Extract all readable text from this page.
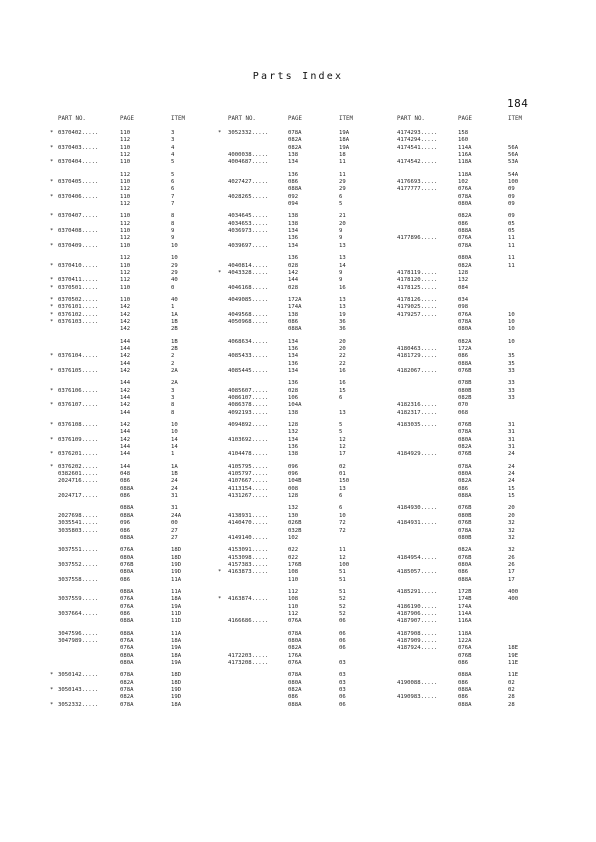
Parts Index
184
PART NO.	PAGE	ITEM
* 0370402.....	110	3
112	3
* 0370403.....	110	4
112	4
* 0370404.....	110	5
112	5
* 0370405.....	110	6
112	6
* 0370406.....	110	7
112	7
* 0370407.....	110	8
112	8
* 0370408.....	110	9
112	9
* 0370409.....	110	10
112	10
* 0370410.....	110	29
112	29
* 0370411.....	112	40
* 0370501.....	110	0
* 0370502.....	110	40
* 0376101.....	142	1
* 0376102.....	142	1A
* 0376103.....	142	1B
142	2B
144	1B
144	2B
* 0376104.....	142	2
144	2
* 0376105.....	142	2A
144	2A
* 0376106.....	142	3
144	3
* 0376107.....	142	8
144	8
* 0376108.....	142	10
144	10
* 0376109.....	142	14
144	14
* 0376201.....	144	1
* 0376202.....	144	1A
0382601.....	048	1B
2024716.....	086	24
088A	24
2024717.....	086	31
088A	31
2027698.....	088A	24A
3035541.....	096	00
3035803.....	086	27
088A	27
3037551.....	076A	18D
080A	18D
3037552.....	076B	19D
080A	19D
3037558.....	086	11A
088A	11A
3037559.....	076A	18A
076A	19A
3037664.....	086	11D
088A	11D
3047596.....	088A	11A
3047989.....	076A	18A
076A	19A
080A	18A
080A	19A
* 3050142.....	078A	18D
082A	18D
* 3050143.....	078A	19D
082A	19D
* 3052332.....	078A	18A
PART NO.	PAGE	ITEM
* 3052332.....	078A	19A
082A	18A
082A	19A
4000038.....	138	18
4004687.....	134	11
136	11
4027427.....	086	29
088A	29
4028265.....	092	6
094	5
4034645.....	138	21
4034653.....	138	20
4036973.....	134	9
136	9
4039697.....	134	13
136	13
4040814.....	028	14
* 4043328.....	142	9
144	9
4046168.....	028	16
4049085.....	172A	13
174A	13
4049568.....	138	19
4050968.....	086	36
088A	36
4068634.....	134	20
136	20
4085433.....	134	22
136	22
4085445.....	134	16
136	16
4085607.....	028	15
4086107.....	106	6
4086378.....	104A
4092193.....	138	13
4094892.....	128	5
132	5
4103692.....	134	12
136	12
4104478.....	138	17
4105795.....	096	02
4105797.....	096	01
4107667.....	104B	150
4113154.....	008	13
4131267.....	128	6
132	6
4138931.....	130	10
4140470.....	026B	72
032B	72
4149140.....	102
4153091.....	022	11
4153098.....	022	12
4157383.....	176B	100
* 4163873.....	108	51
110	51
112	51
* 4163874.....	108	52
110	52
112	52
4166686.....	076A	06
078A	06
080A	06
082A	06
4172203.....	176A
4173208.....	076A	03
078A	03
080A	03
082A	03
086	06
088A	06
PART NO.	PAGE	ITEM
4174293.....	158
4174294.....	160
4174541.....	114A	56A
116A	56A
4174542.....	118A	53A
118A	54A
4176693.....	102	100
4177777.....	076A	09
078A	09
080A	09
082A	09
086	05
088A	05
4177896.....	076A	11
078A	11
080A	11
082A	11
4178119.....	128
4178120.....	132
4178125.....	084
4178126.....	034
4179025.....	098
4179257.....	076A	10
078A	10
080A	10
082A	10
4180463.....	172A
4181729.....	086	35
088A	35
4182067.....	076B	33
078B	33
080B	33
082B	33
4182316.....	070
4182317.....	068
4183035.....	076B	31
078A	31
080A	31
082A	31
4184929.....	076B	24
078A	24
080A	24
082A	24
086	15
088A	15
4184930.....	076B	20
080B	20
4184931.....	076B	32
078A	32
080B	32
082A	32
4184954.....	076B	26
080A	26
4185057.....	086	17
088A	17
4185291.....	172B	400
174B	400
4186190.....	174A
4187906.....	114A
4187907.....	116A
4187908.....	118A
4187909.....	122A
4187924.....	076A	18E
076B	19E
086	11E
088A	11E
4190088.....	086	02
088A	02
4190983.....	086	28
088A	28
